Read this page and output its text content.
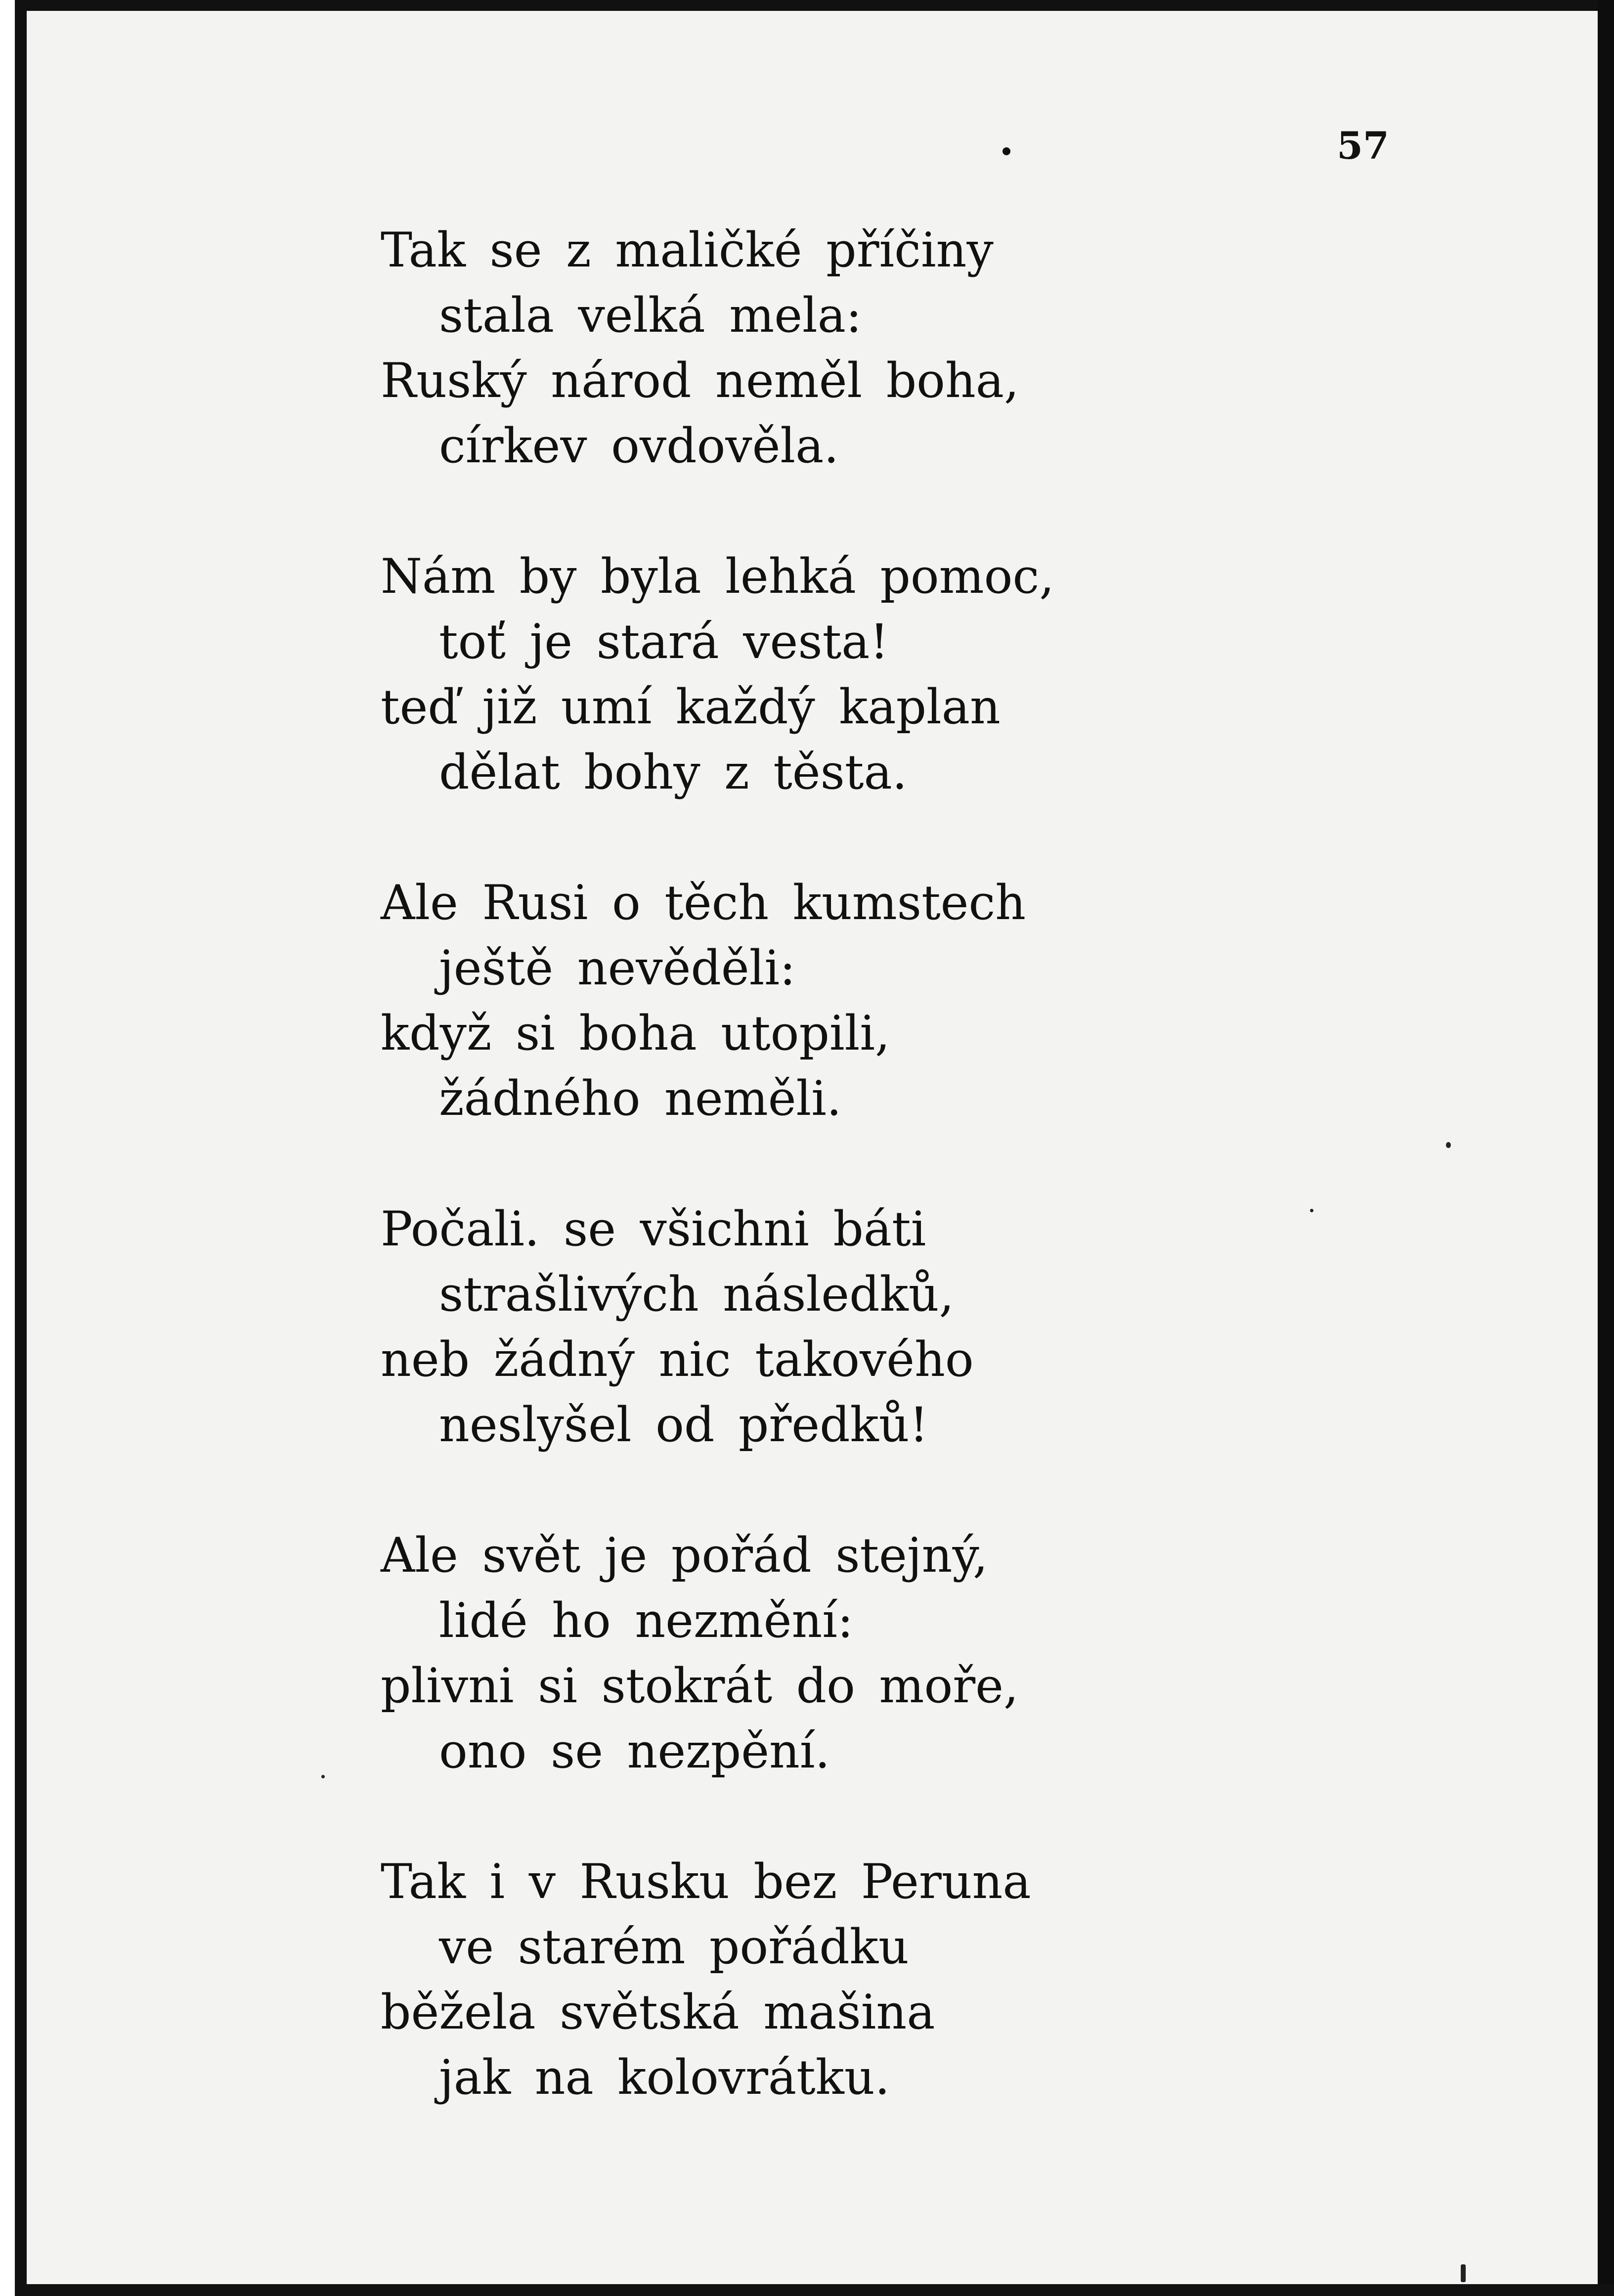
57
Tak se z maličké příčiny
stala velká mela:
Ruský národ neměl boha,
církev ovdověla.
Nám by byla lehká pomoc,
toť je stará vesta!
teď již umí každý kaplan
dělat bohy z těsta.
Ale Rusi o těch kumstech
ještě nevěděli:
když si boha utopili,
žádného neměli.
Počali. se všichni báti
strašlivých následků,
neb žádný nic takového
neslyšel od předků!
Ale svět je pořád stejný,
lidé ho nezmění:
plivni si stokrát do moře,
ono se nezpění.
Tak i v Rusku bez Peruna
ve starém pořádku
běžela světská mašina
jak na kolovrátku.
